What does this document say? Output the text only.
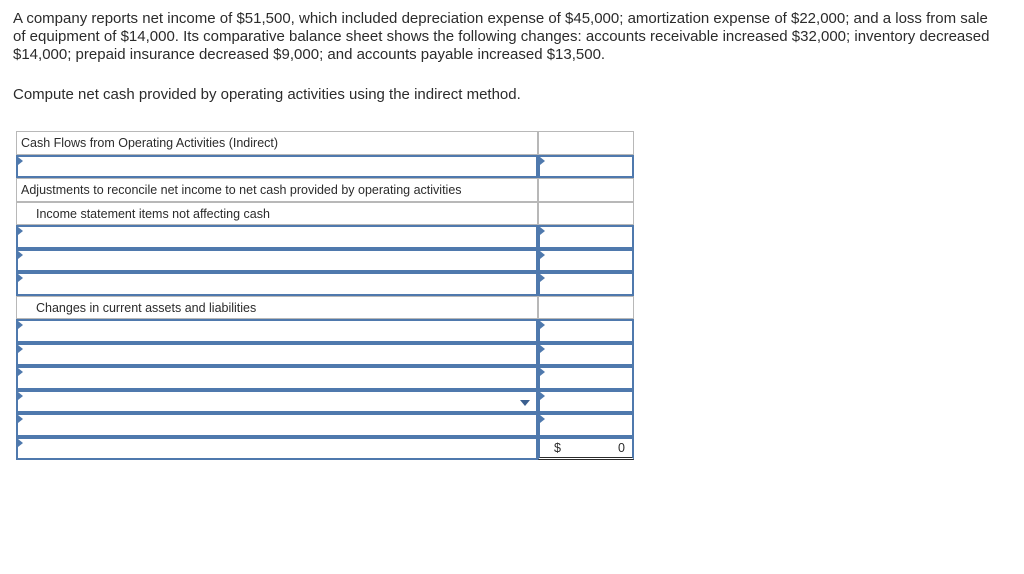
A company reports net income of $51,500, which included depreciation expense of $45,000; amortization expense of $22,000; and a loss from sale of equipment of $14,000. Its comparative balance sheet shows the following changes: accounts receivable increased $32,000; inventory decreased $14,000; prepaid insurance decreased $9,000; and accounts payable increased $13,500.

Compute net cash provided by operating activities using the indirect method.

Cash Flows from Operating Activities (Indirect)
Adjustments to reconcile net income to net cash provided by operating activities
Income statement items not affecting cash
Changes in current assets and liabilities
$	0
